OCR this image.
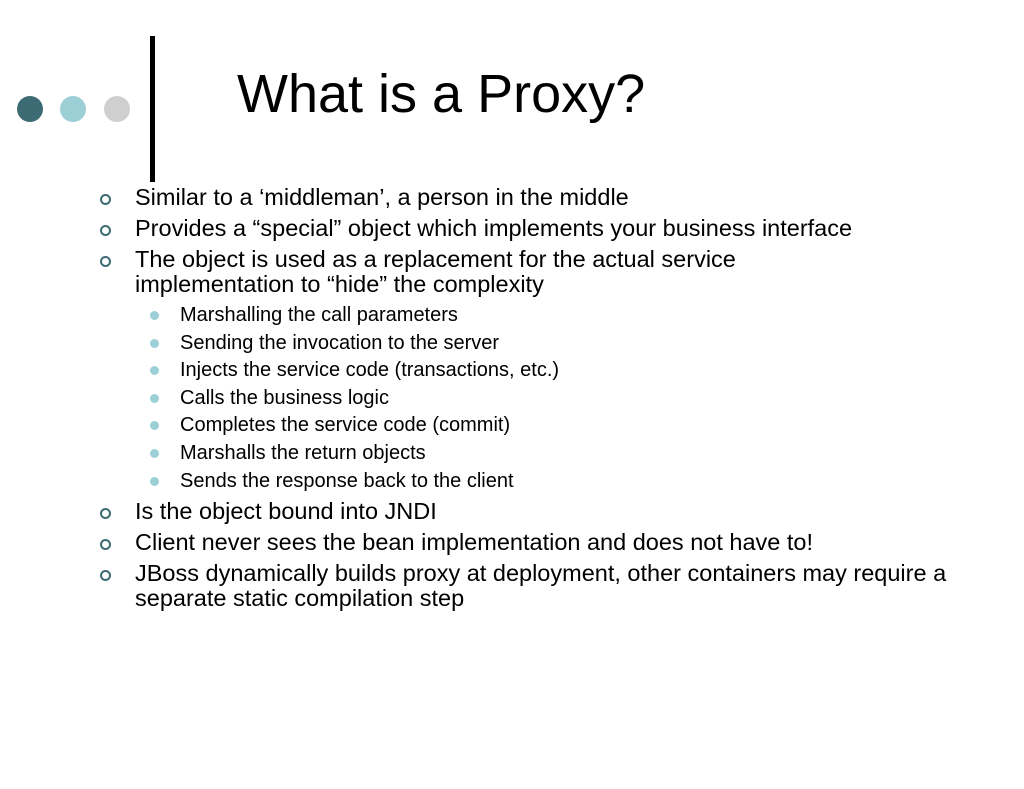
What is a Proxy?
Similar to a ‘middleman’, a person in the middle
Provides a “special” object which implements your business interface
The object is used as a replacement for the actual service implementation to “hide” the complexity
Marshalling the call parameters
Sending the invocation to the server
Injects the service code (transactions, etc.)
Calls the business logic
Completes the service code (commit)
Marshalls the return objects
Sends the response back to the client
Is the object bound into JNDI
Client never sees the bean implementation and does not have to!
JBoss dynamically builds proxy at deployment, other containers may require a separate static compilation step
